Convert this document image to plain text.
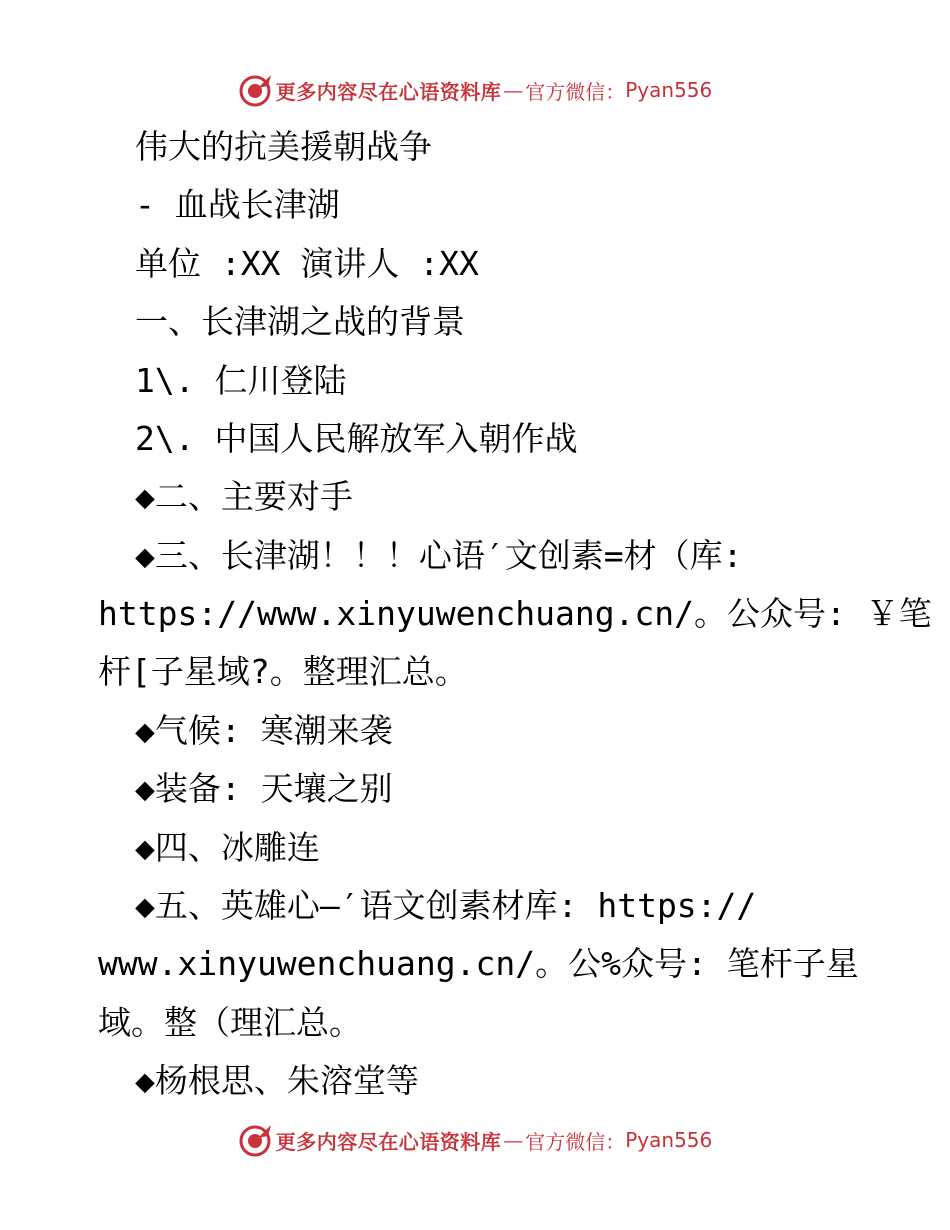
更多内容尽在心语资料库 — 官方微信： Pyan556
伟大的抗美援朝战争
- 血战长津湖
单位 :XX 演讲人 :XX
一、长津湖之战的背景
1\. 仁川登陆
2\. 中国人民解放军入朝作战
◆二、主要对手
◆三、长津湖！！！心语′文创素=材（库:
https://www.xinyuwenchuang.cn/。公众号: ￥笔
杆[子星域?。整理汇总。
◆气候: 寒潮来袭
◆装备: 天壤之别
◆四、冰雕连
◆五、英雄心—′语文创素材库: https://
www.xinyuwenchuang.cn/。公%众号: 笔杆子星
域。整（理汇总。
◆杨根思、朱溶堂等
更多内容尽在心语资料库 — 官方微信： Pyan556
